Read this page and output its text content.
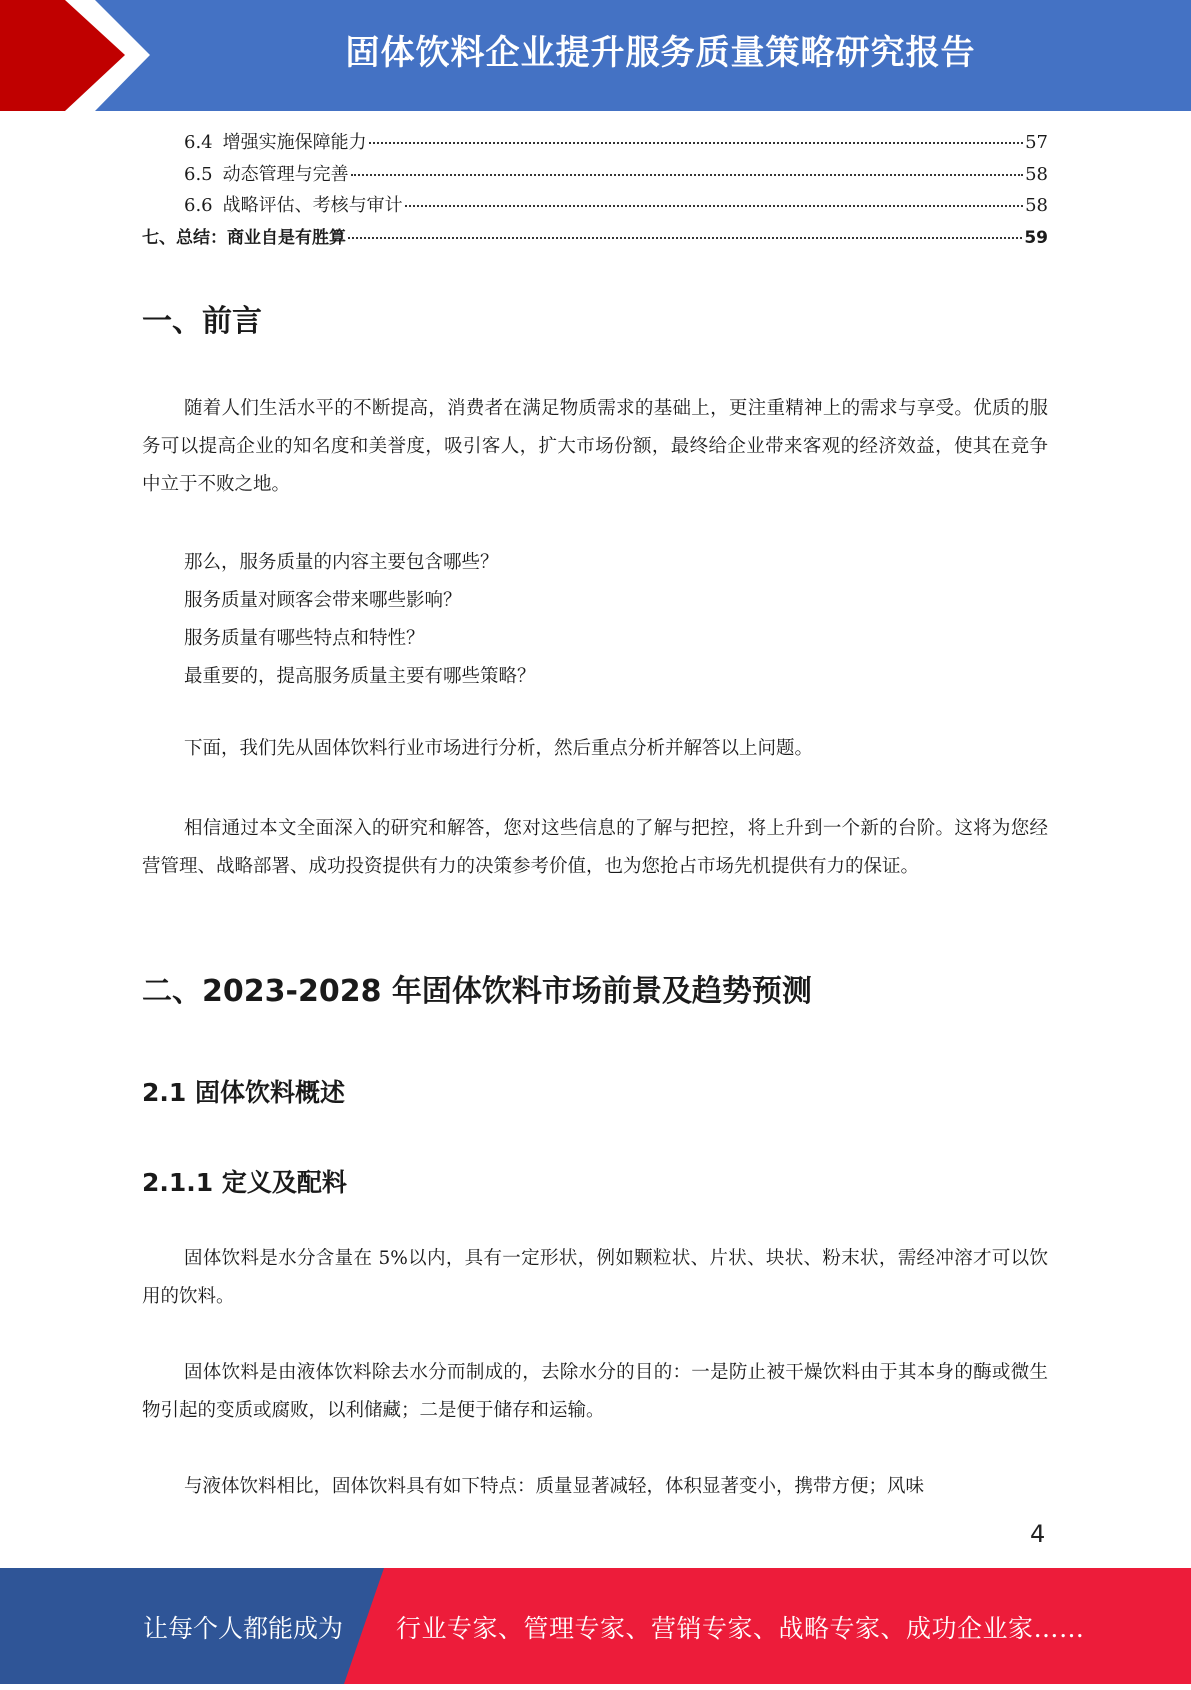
固体饮料企业提升服务质量策略研究报告
6.4 增强实施保障能力	57
6.5 动态管理与完善	58
6.6 战略评估、考核与审计	58
七、总结：商业自是有胜算	59
一、前言
随着人们生活水平的不断提高，消费者在满足物质需求的基础上，更注重精神上的需求与享受。优质的服务可以提高企业的知名度和美誉度，吸引客人，扩大市场份额，最终给企业带来客观的经济效益，使其在竞争中立于不败之地。
那么，服务质量的内容主要包含哪些？
服务质量对顾客会带来哪些影响？
服务质量有哪些特点和特性？
最重要的，提高服务质量主要有哪些策略？
下面，我们先从固体饮料行业市场进行分析，然后重点分析并解答以上问题。
相信通过本文全面深入的研究和解答，您对这些信息的了解与把控，将上升到一个新的台阶。这将为您经营管理、战略部署、成功投资提供有力的决策参考价值，也为您抢占市场先机提供有力的保证。
二、2023-2028 年固体饮料市场前景及趋势预测
2.1 固体饮料概述
2.1.1 定义及配料
固体饮料是水分含量在 5%以内，具有一定形状，例如颗粒状、片状、块状、粉末状，需经冲溶才可以饮用的饮料。
固体饮料是由液体饮料除去水分而制成的，去除水分的目的：一是防止被干燥饮料由于其本身的酶或微生物引起的变质或腐败，以利储藏；二是便于储存和运输。
与液体饮料相比，固体饮料具有如下特点：质量显著减轻，体积显著变小，携带方便；风味
4
让每个人都能成为 行业专家、管理专家、营销专家、战略专家、成功企业家……
